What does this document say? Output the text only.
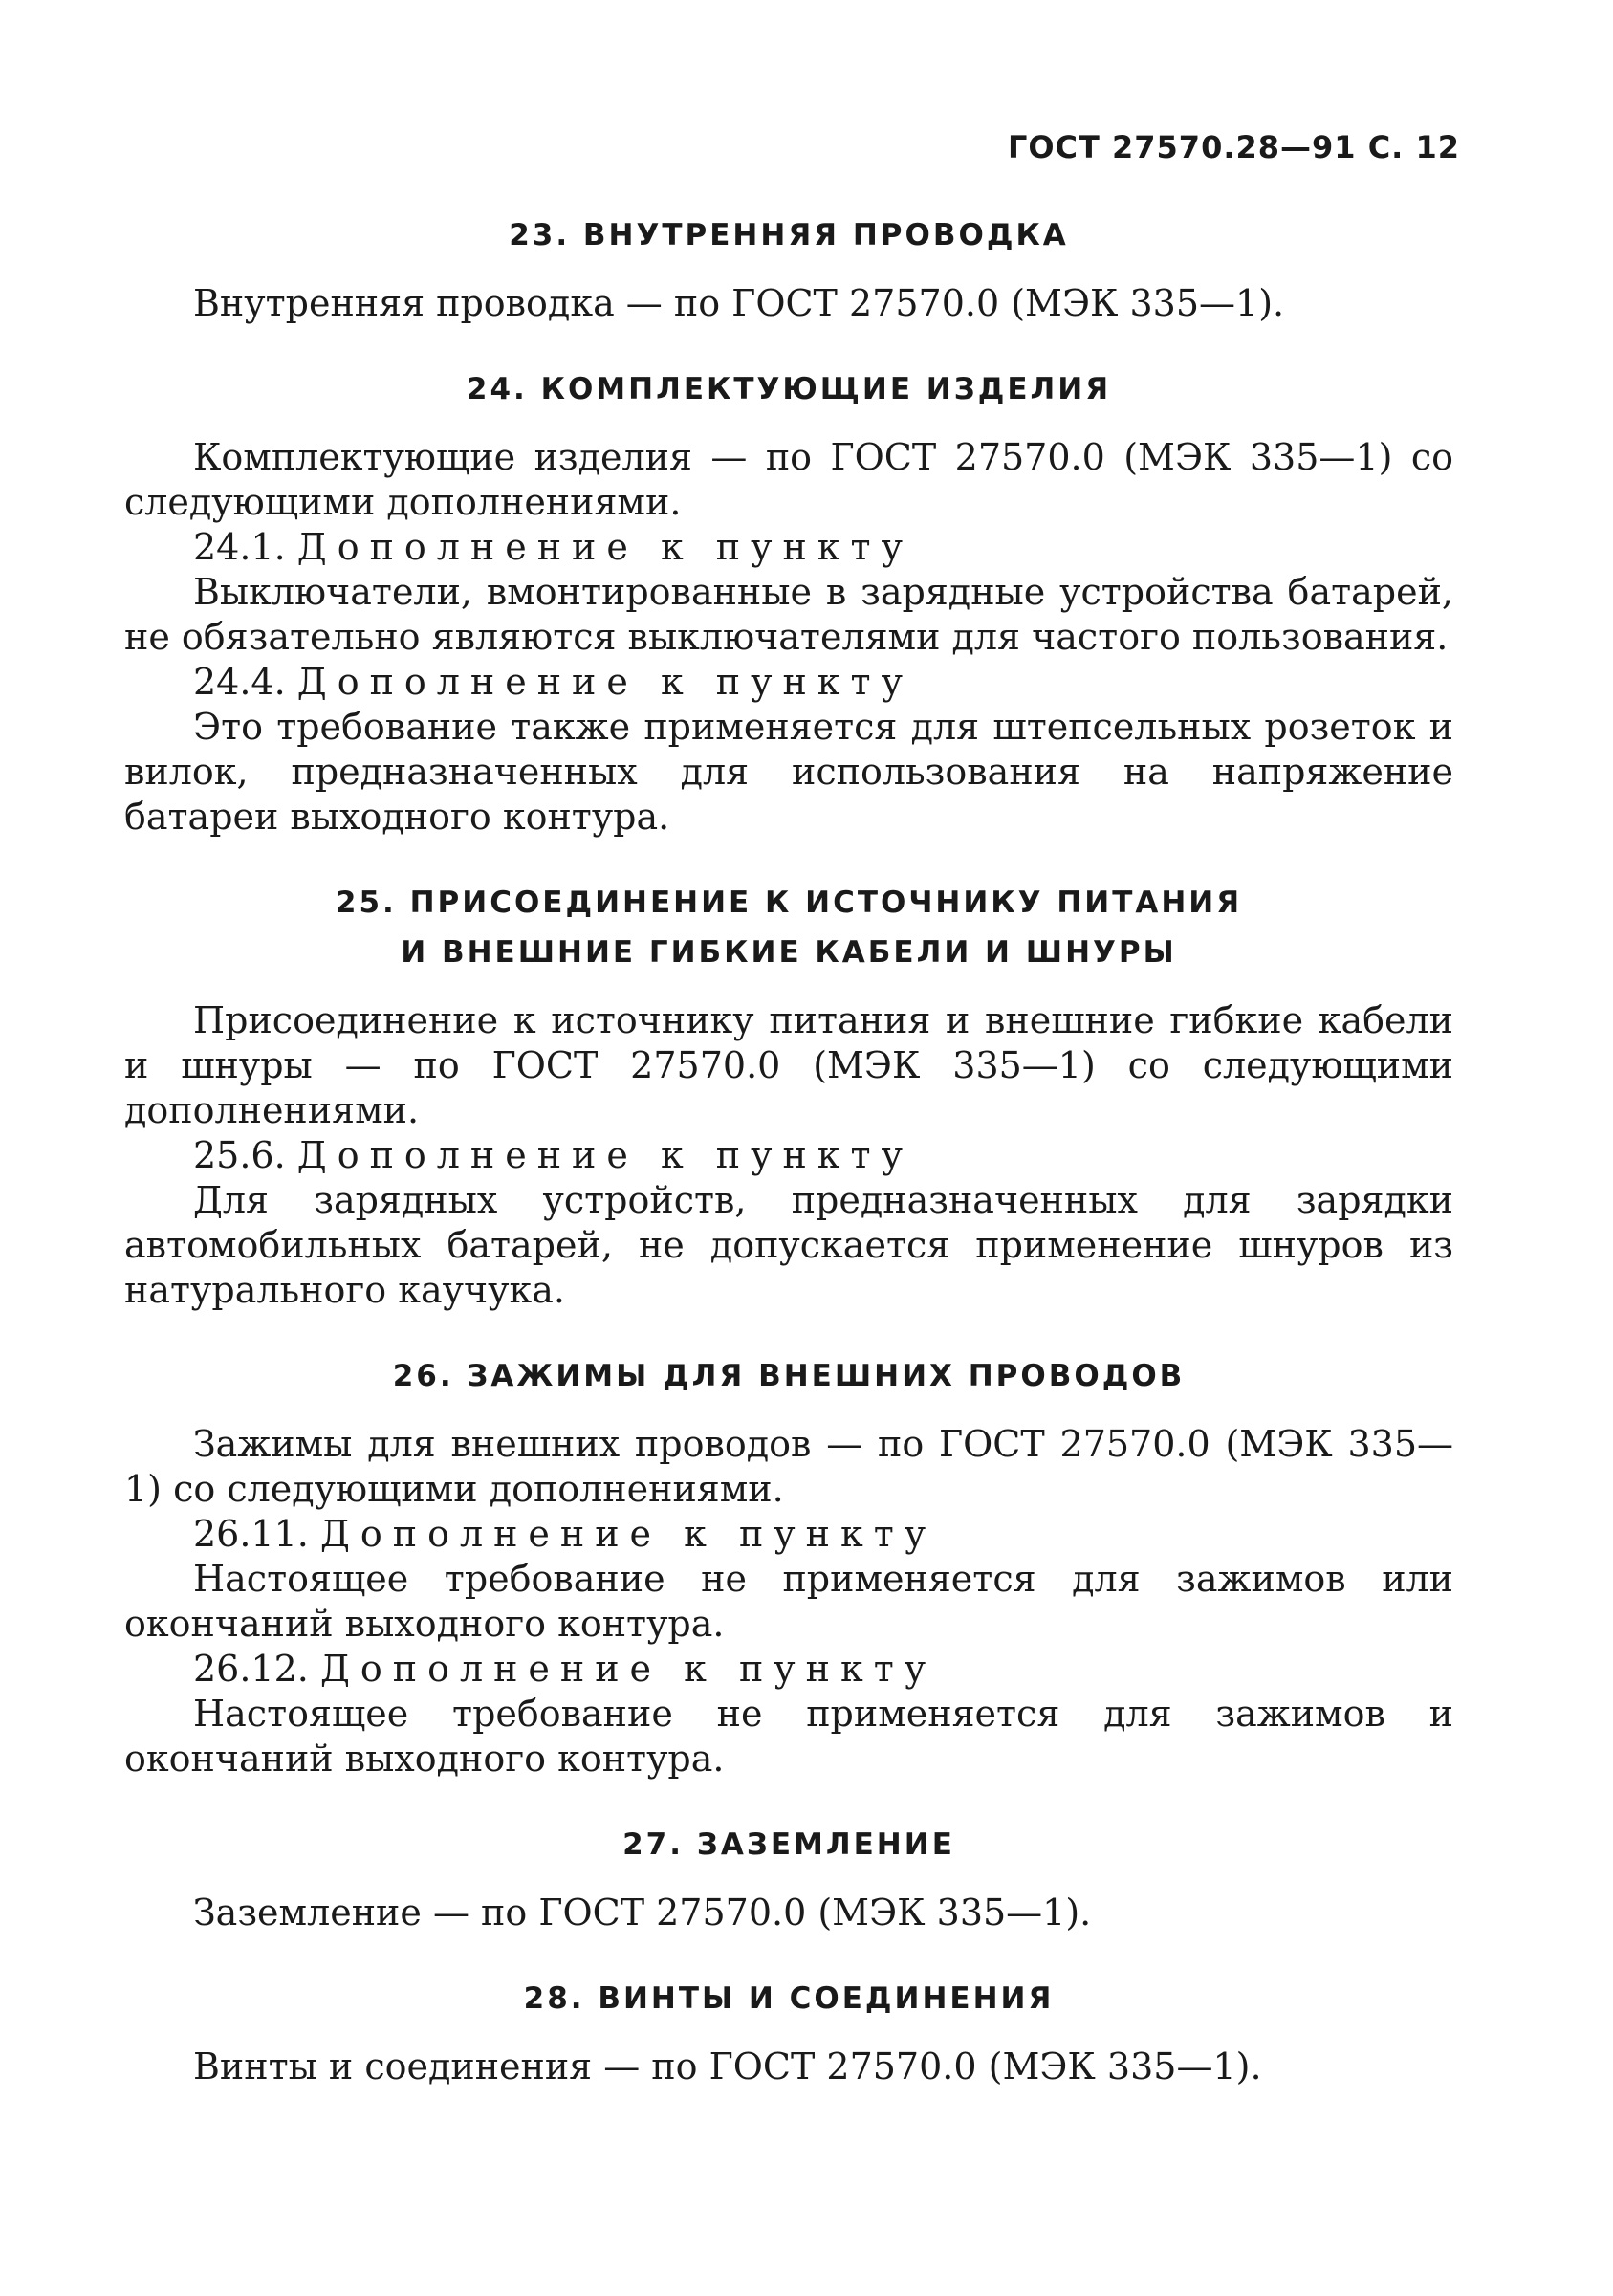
ГОСТ 27570.28—91 С. 12
23. ВНУТРЕННЯЯ ПРОВОДКА

Внутренняя проводка — по ГОСТ 27570.0 (МЭК 335—1).

24. КОМПЛЕКТУЮЩИЕ ИЗДЕЛИЯ

Комплектующие изделия — по ГОСТ 27570.0 (МЭК 335—1) со следующими дополнениями.

24.1. Дополнение к пункту

Выключатели, вмонтированные в зарядные устройства батарей, не обязательно являются выключателями для частого пользования.

24.4. Дополнение к пункту

Это требование также применяется для штепсельных розеток и вилок, предназначенных для использования на напряжение батареи выходного контура.

25. ПРИСОЕДИНЕНИЕ К ИСТОЧНИКУ ПИТАНИЯ
И ВНЕШНИЕ ГИБКИЕ КАБЕЛИ И ШНУРЫ

Присоединение к источнику питания и внешние гибкие кабели и шнуры — по ГОСТ 27570.0 (МЭК 335—1) со следующими дополнениями.

25.6. Дополнение к пункту

Для зарядных устройств, предназначенных для зарядки автомобильных батарей, не допускается применение шнуров из натурального каучука.

26. ЗАЖИМЫ ДЛЯ ВНЕШНИХ ПРОВОДОВ

Зажимы для внешних проводов — по ГОСТ 27570.0 (МЭК 335—1) со следующими дополнениями.

26.11. Дополнение к пункту

Настоящее требование не применяется для зажимов или окончаний выходного контура.

26.12. Дополнение к пункту

Настоящее требование не применяется для зажимов и окончаний выходного контура.

27. ЗАЗЕМЛЕНИЕ

Заземление — по ГОСТ 27570.0 (МЭК 335—1).

28. ВИНТЫ И СОЕДИНЕНИЯ

Винты и соединения — по ГОСТ 27570.0 (МЭК 335—1).
